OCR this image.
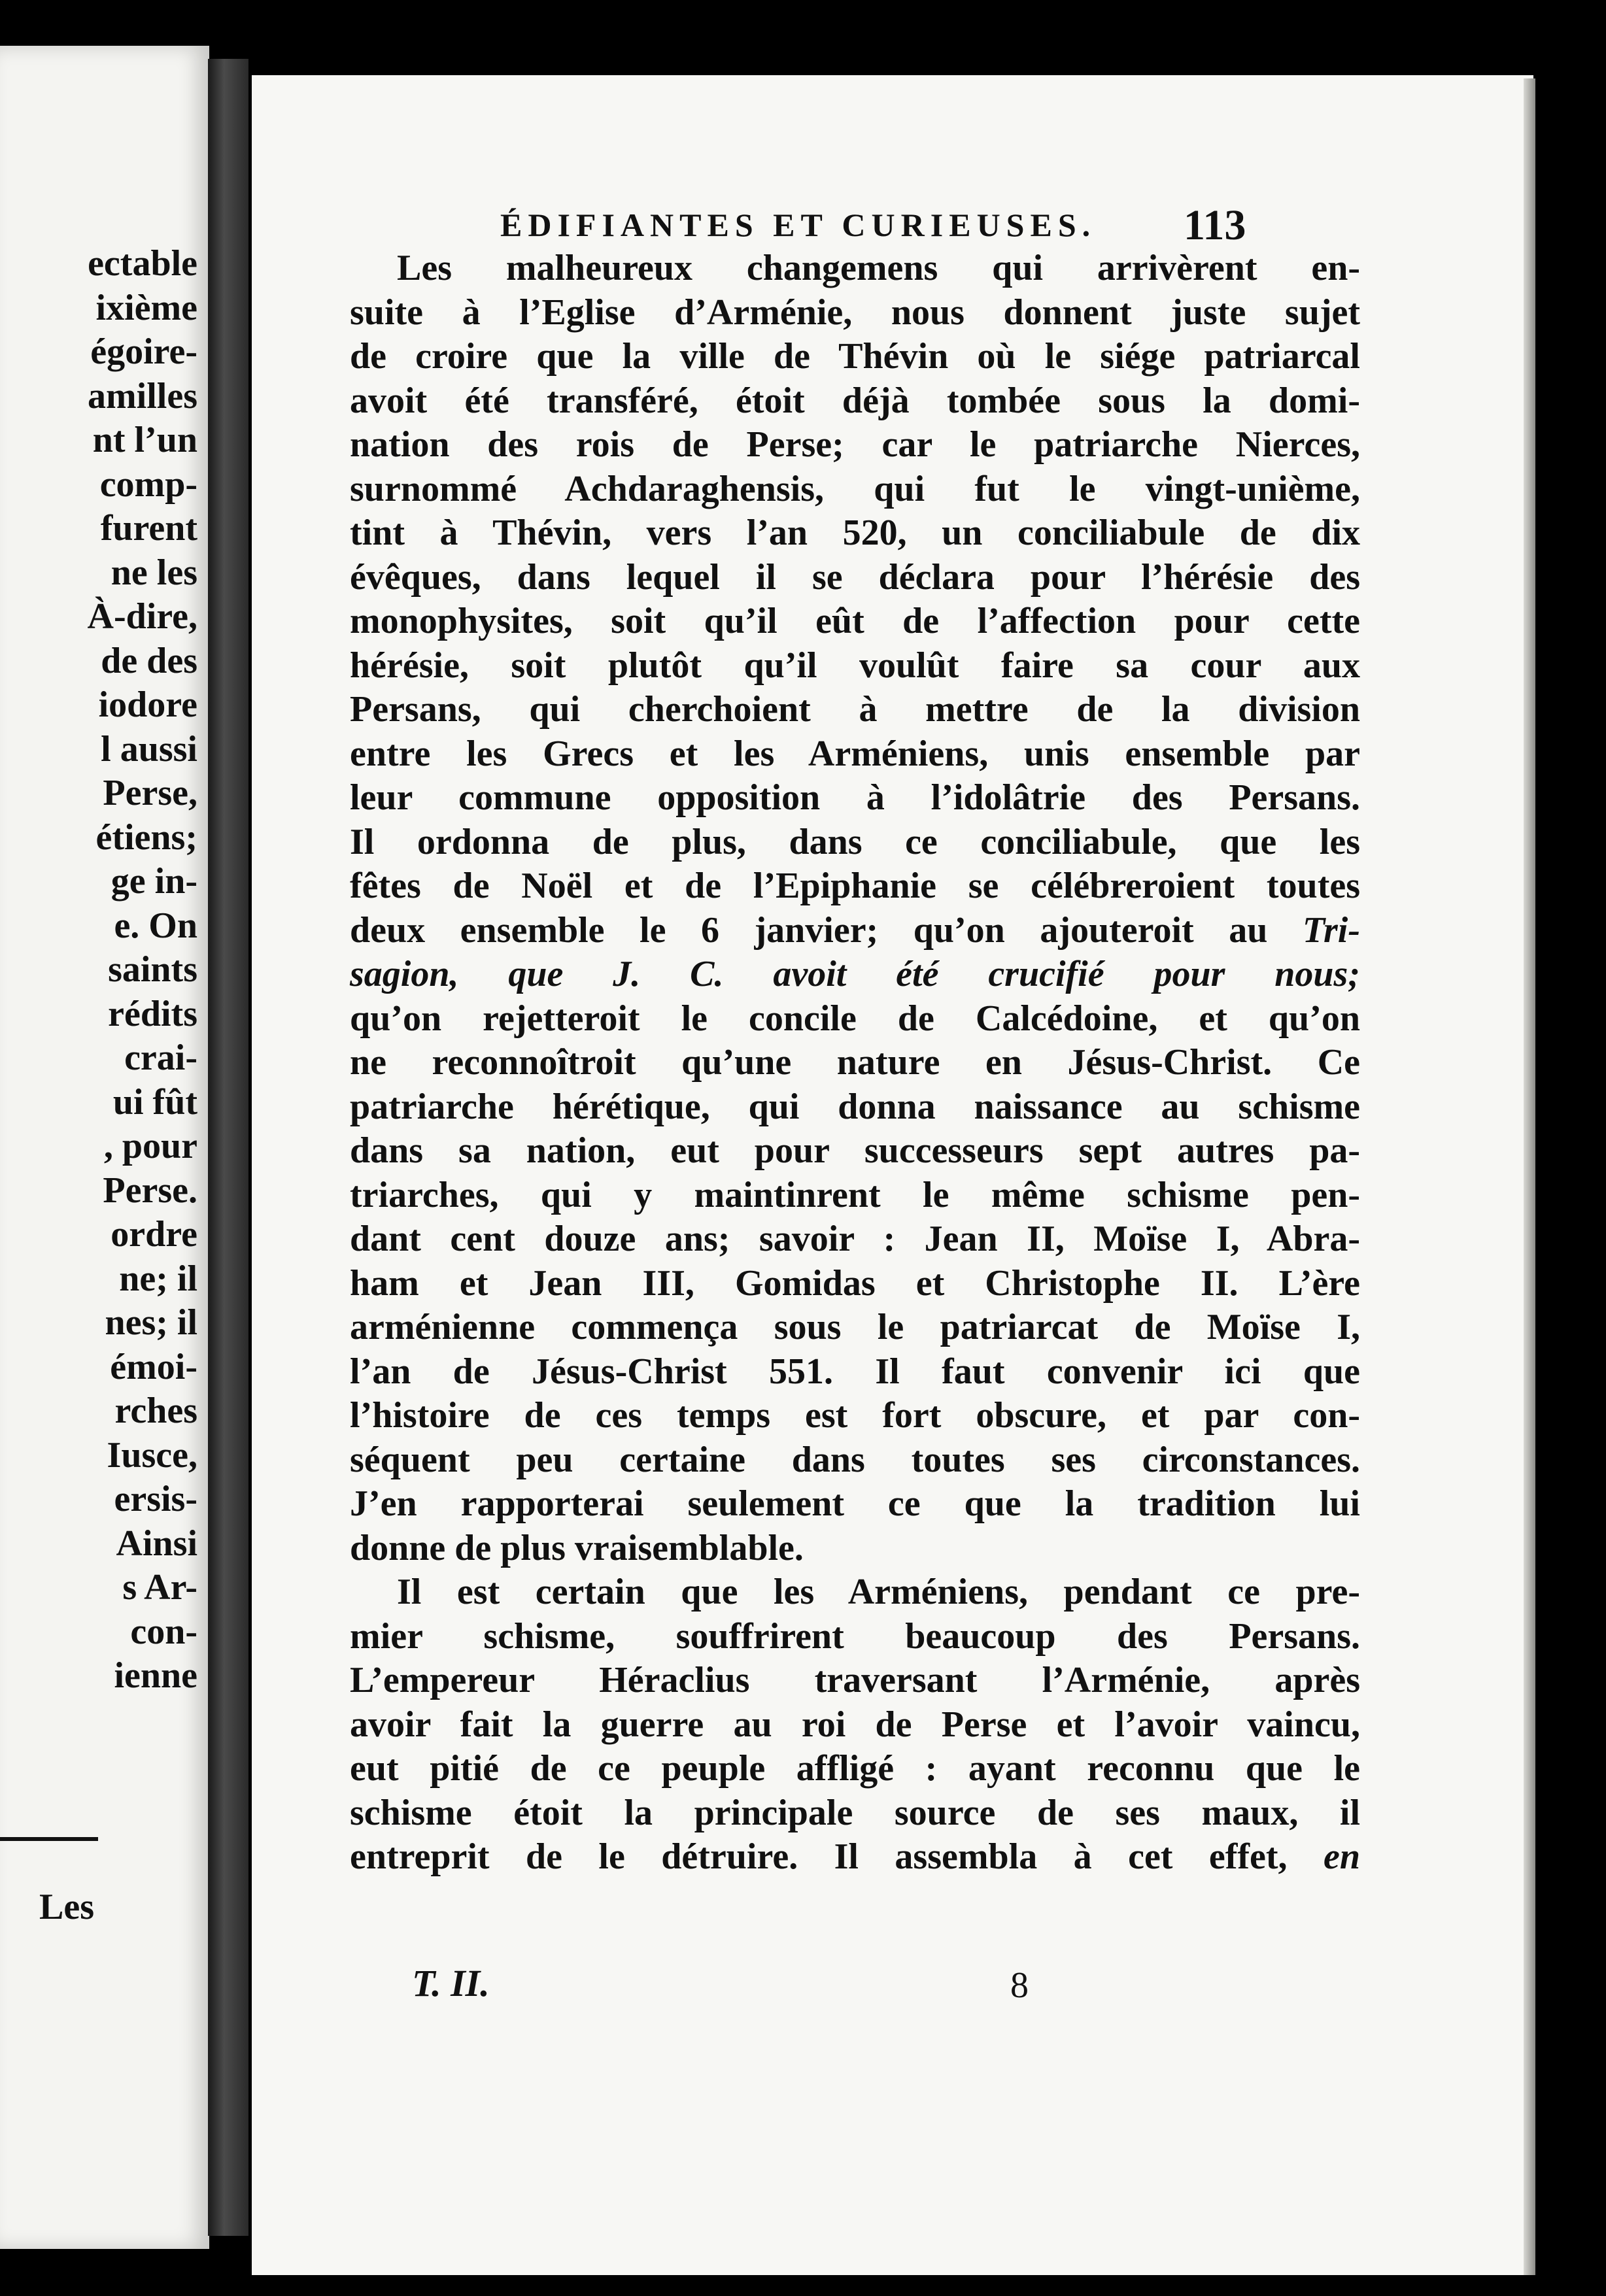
ectable
ixième
égoire-
amilles
nt l’un
comp-
furent
ne les
À-dire,
de des
iodore
l aussi
Perse,
étiens;
ge in-
e. On
saints
rédits
crai-
ui fût
, pour
Perse.
ordre
ne; il
nes; il
émoi-
rches
Iusce,
ersis-
Ainsi
s Ar-
con-
ienne
Les
ÉDIFIANTES ET CURIEUSES. 113
Les malheureux changemens qui arrivèrent en-
suite à l’Eglise d’Arménie, nous donnent juste sujet
de croire que la ville de Thévin où le siége patriarcal
avoit été transféré, étoit déjà tombée sous la domi-
nation des rois de Perse; car le patriarche Nierces,
surnommé Achdaraghensis, qui fut le vingt-unième,
tint à Thévin, vers l’an 520, un conciliabule de dix
évêques, dans lequel il se déclara pour l’hérésie des
monophysites, soit qu’il eût de l’affection pour cette
hérésie, soit plutôt qu’il voulût faire sa cour aux
Persans, qui cherchoient à mettre de la division
entre les Grecs et les Arméniens, unis ensemble par
leur commune opposition à l’idolâtrie des Persans.
Il ordonna de plus, dans ce conciliabule, que les
fêtes de Noël et de l’Epiphanie se célébreroient toutes
deux ensemble le 6 janvier; qu’on ajouteroit au Tri-
sagion, que J. C. avoit été crucifié pour nous;
qu’on rejetteroit le concile de Calcédoine, et qu’on
ne reconnoîtroit qu’une nature en Jésus-Christ. Ce
patriarche hérétique, qui donna naissance au schisme
dans sa nation, eut pour successeurs sept autres pa-
triarches, qui y maintinrent le même schisme pen-
dant cent douze ans; savoir : Jean II, Moïse I, Abra-
ham et Jean III, Gomidas et Christophe II. L’ère
arménienne commença sous le patriarcat de Moïse I,
l’an de Jésus-Christ 551. Il faut convenir ici que
l’histoire de ces temps est fort obscure, et par con-
séquent peu certaine dans toutes ses circonstances.
J’en rapporterai seulement ce que la tradition lui
donne de plus vraisemblable.
Il est certain que les Arméniens, pendant ce pre-
mier schisme, souffrirent beaucoup des Persans.
L’empereur Héraclius traversant l’Arménie, après
avoir fait la guerre au roi de Perse et l’avoir vaincu,
eut pitié de ce peuple affligé : ayant reconnu que le
schisme étoit la principale source de ses maux, il
entreprit de le détruire. Il assembla à cet effet, en
T. II.	8
